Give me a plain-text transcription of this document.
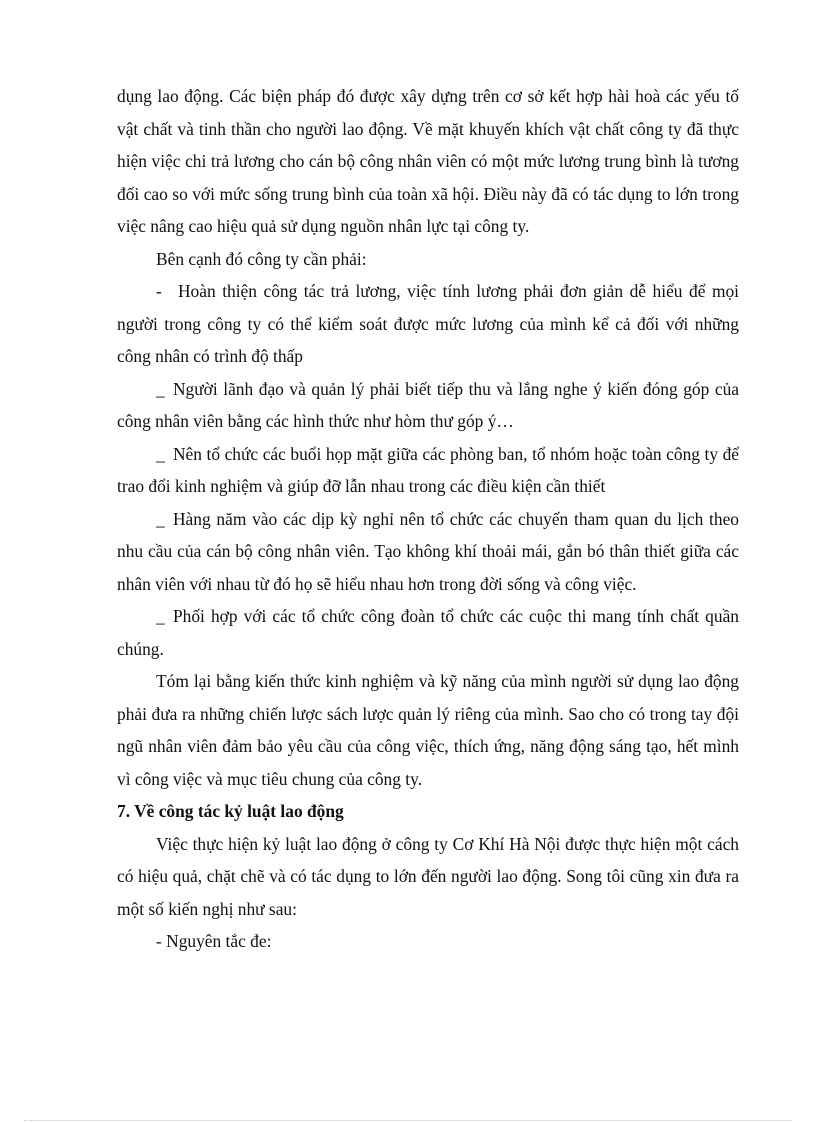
dụng lao động. Các biện pháp đó được xây dựng trên cơ sở kết hợp hài hoà các yếu tố vật chất và tinh thần cho người lao động. Về mặt khuyến khích vật chất công ty đã thực hiện việc chi trả lương cho cán bộ công nhân viên có một mức lương trung bình là tương đối cao so với mức sống trung bình của toàn xã hội. Điều này đã có tác dụng to lớn trong việc nâng cao hiệu quả sử dụng nguồn nhân lực tại công ty.

Bên cạnh đó công ty cần phải:

- Hoàn thiện công tác trả lương, việc tính lương phải đơn giản dễ hiểu để mọi người trong công ty có thể kiểm soát được mức lương của mình kể cả đối với những công nhân có trình độ thấp

_ Người lãnh đạo và quản lý phải biết tiếp thu và lắng nghe ý kiến đóng góp của công nhân viên bằng các hình thức như hòm thư góp ý…

_ Nên tổ chức các buổi họp mặt giữa các phòng ban, tổ nhóm hoặc toàn công ty để trao đổi kinh nghiệm và giúp đỡ lẫn nhau trong các điều kiện cần thiết

_ Hàng năm vào các dịp kỳ nghỉ nên tổ chức các chuyến tham quan du lịch theo nhu cầu của cán bộ công nhân viên. Tạo không khí thoải mái, gắn bó thân thiết giữa các nhân viên với nhau từ đó họ sẽ hiểu nhau hơn trong đời sống và công việc.

_ Phối hợp với các tổ chức công đoàn tổ chức các cuộc thi mang tính chất quần chúng.

Tóm lại bằng kiến thức kinh nghiệm và kỹ năng của mình người sử dụng lao động phải đưa ra những chiến lược sách lược quản lý riêng của mình. Sao cho có trong tay đội ngũ nhân viên đảm bảo yêu cầu của công việc, thích ứng, năng động sáng tạo, hết mình vì công việc và mục tiêu chung của công ty.

7. Về công tác kỷ luật lao động

Việc thực hiện kỷ luật lao động ở công ty Cơ Khí Hà Nội được thực hiện một cách có hiệu quả, chặt chẽ và có tác dụng to lớn đến người lao động. Song tôi cũng xin đưa ra một số kiến nghị như sau:

- Nguyên tắc đe:
